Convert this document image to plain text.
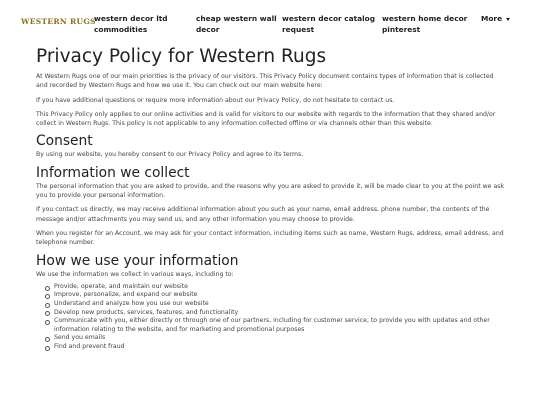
WESTERN RUGS
western decor ltd
commodities
cheap western wall
decor
western decor catalog
request
western home decor
pinterest
More
Privacy Policy for Western Rugs

At Western Rugs one of our main priorities is the privacy of our visitors. This Privacy Policy document contains types of information that is collected and recorded by Western Rugs and how we use it. You can check out our main website here:

If you have additional questions or require more information about our Privacy Policy, do not hesitate to contact us.

This Privacy Policy only applies to our online activities and is valid for visitors to our website with regards to the information that they shared and/or collect in Western Rugs. This policy is not applicable to any information collected offline or via channels other than this website.

Consent

By using our website, you hereby consent to our Privacy Policy and agree to its terms.

Information we collect

The personal information that you are asked to provide, and the reasons why you are asked to provide it, will be made clear to you at the point we ask you to provide your personal information.

If you contact us directly, we may receive additional information about you such as your name, email address, phone number, the contents of the message and/or attachments you may send us, and any other information you may choose to provide.

When you register for an Account, we may ask for your contact information, including items such as name, Western Rugs, address, email address, and telephone number.

How we use your information

We use the information we collect in various ways, including to:

Provide, operate, and maintain our website
Improve, personalize, and expand our website
Understand and analyze how you use our website
Develop new products, services, features, and functionality
Communicate with you, either directly or through one of our partners, including for customer service, to provide you with updates and other information relating to the website, and for marketing and promotional purposes
Send you emails
Find and prevent fraud
